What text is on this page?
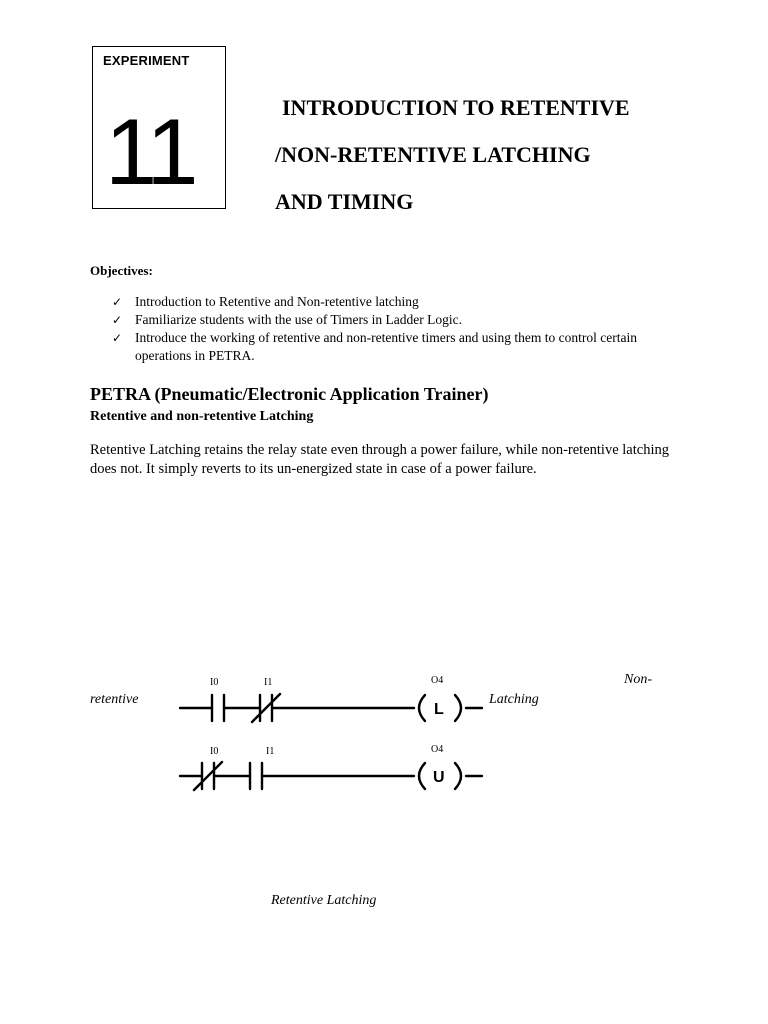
EXPERIMENT
11	INTRODUCTION TO RETENTIVE
/NON-RETENTIVE LATCHING
AND TIMING
Objectives:
✓ Introduction to Retentive and Non-retentive latching
✓ Familiarize students with the use of Timers in Ladder Logic.
✓ Introduce the working of retentive and non-retentive timers and using them to control certain operations in PETRA.
PETRA (Pneumatic/Electronic Application Trainer)
Retentive and non-retentive Latching
Retentive Latching retains the relay state even through a power failure, while non-retentive latching does not. It simply reverts to its un-energized state in case of a power failure.
Non-
retentive	Latching
Retentive Latching
I0	I1	O4
L
I0	I1	O4
U
